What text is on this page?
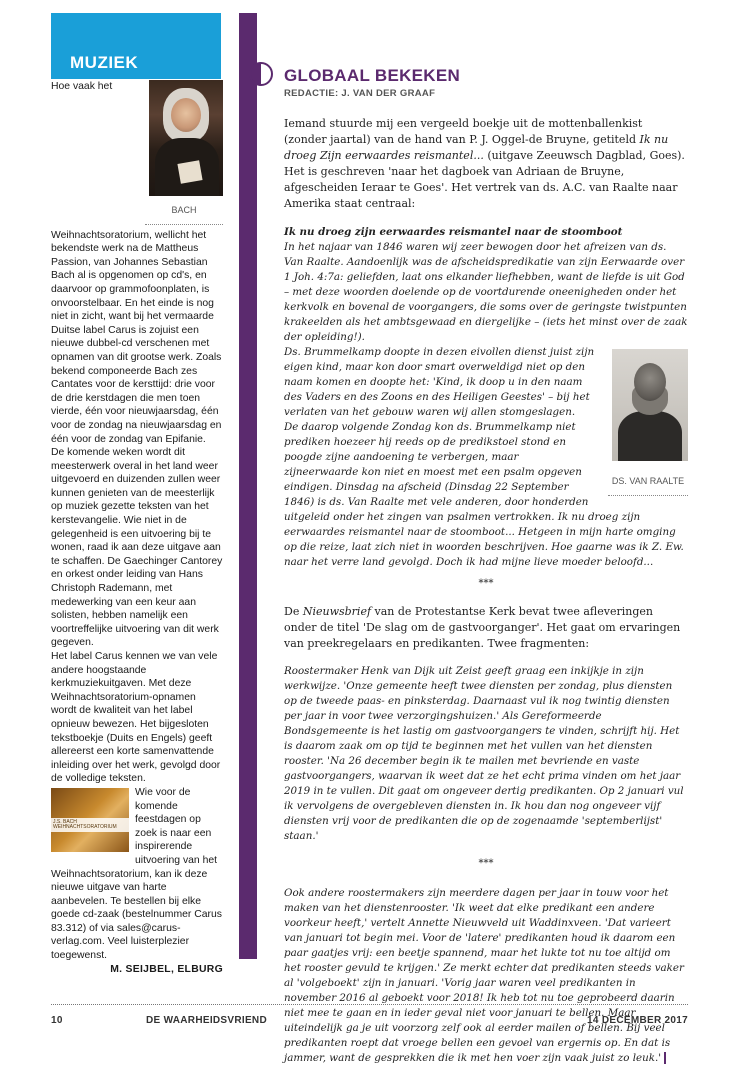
MUZIEK
BACH

Hoe vaak het Weihnachtsoratorium, wellicht het bekendste werk na de Mattheus Passion, van Johannes Sebastian Bach al is opgenomen op cd's, en daarvoor op grammofoonplaten, is onvoorstelbaar. En het einde is nog niet in zicht, want bij het vermaarde Duitse label Carus is zojuist een nieuwe dubbel-cd verschenen met opnamen van dit grootse werk. Zoals bekend componeerde Bach zes Cantates voor de kersttijd: drie voor de drie kerstdagen die men toen vierde, één voor nieuwjaarsdag, één voor de zondag na nieuwjaarsdag en één voor de zondag van Epifanie.

De komende weken wordt dit meesterwerk overal in het land weer uitgevoerd en duizenden zullen weer kunnen genieten van de meesterlijk op muziek gezette teksten van het kerstevangelie. Wie niet in de gelegenheid is een uitvoering bij te wonen, raad ik aan deze uitgave aan te schaffen. De Gaechinger Cantorey en orkest onder leiding van Hans Christoph Rademann, met medewerking van een keur aan solisten, hebben namelijk een voortreffelijke uitvoering van dit werk gegeven.

Het label Carus kennen we van vele andere hoogstaande kerkmuziekuitgaven. Met deze Weihnachtsoratorium-opnamen wordt de kwaliteit van het label opnieuw bewezen. Het bijgesloten tekstboekje (Duits en Engels) geeft allereerst een korte samenvattende inleiding over het werk, gevolgd door de volledige teksten.

J.S. BACH WEIHNACHTSORATORIUM

Wie voor de komende feestdagen op zoek is naar een inspirerende uitvoering van het Weihnachtsoratorium, kan ik deze nieuwe uitgave van harte aanbevelen. Te bestellen bij elke goede cd-zaak (bestelnummer Carus 83.312) of via sales@carus-verlag.com. Veel luisterplezier toegewenst.

M. SEIJBEL, ELBURG

GLOBAAL BEKEKEN
REDACTIE: J. VAN DER GRAAF

Iemand stuurde mij een vergeeld boekje uit de mottenballenkist (zonder jaartal) van de hand van P. J. Oggel-de Bruyne, getiteld Ik nu droeg Zijn eerwaardes reismantel... (uitgave Zeeuwsch Dagblad, Goes). Het is geschreven 'naar het dagboek van Adriaan de Bruyne, afgescheiden Ieraar te Goes'. Het vertrek van ds. A.C. van Raalte naar Amerika staat centraal:

Ik nu droeg zijn eerwaardes reismantel naar de stoomboot

In het najaar van 1846 waren wij zeer bewogen door het afreizen van ds. Van Raalte. Aandoenlijk was de afscheidspredikatie van zijn Eerwaarde over 1 Joh. 4:7a: geliefden, laat ons elkander liefhebben, want de liefde is uit God – met deze woorden doelende op de voortdurende oneenigheden onder het kerkvolk en bovenal de voorgangers, die soms over de geringste twistpunten krakeelden als het ambtsgewaad en diergelijke – (iets het minst over de zaak der opleiding!).

DS. VAN RAALTE

Ds. Brummelkamp doopte in dezen eivollen dienst juist zijn eigen kind, maar kon door smart overweldigd niet op den naam komen en doopte het: 'Kind, ik doop u in den naam des Vaders en des Zoons en des Heiligen Geestes' – bij het verlaten van het gebouw waren wij allen stomgeslagen.

De daarop volgende Zondag kon ds. Brummelkamp niet prediken hoezeer hij reeds op de predikstoel stond en poogde zijne aandoening te verbergen, maar zijneerwaarde kon niet en moest met een psalm opgeven eindigen. Dinsdag na afscheid (Dinsdag 22 September 1846) is ds. Van Raalte met vele anderen, door honderden uitgeleid onder het zingen van psalmen vertrokken. Ik nu droeg zijn eerwaardes reismantel naar de stoomboot... Hetgeen in mijn harte omging op die reize, laat zich niet in woorden beschrijven. Hoe gaarne was ik Z. Ew. naar het verre land gevolgd. Doch ik had mijne lieve moeder beloofd...

***

De Nieuwsbrief van de Protestantse Kerk bevat twee afleveringen onder de titel 'De slag om de gastvoorganger'. Het gaat om ervaringen van preekregelaars en predikanten. Twee fragmenten:

Roostermaker Henk van Dijk uit Zeist geeft graag een inkijkje in zijn werkwijze. 'Onze gemeente heeft twee diensten per zondag, plus diensten op de tweede paas- en pinksterdag. Daarnaast vul ik nog twintig diensten per jaar in voor twee verzorgingshuizen.' Als Gereformeerde Bondsgemeente is het lastig om gastvoorgangers te vinden, schrijft hij. Het is daarom zaak om op tijd te beginnen met het vullen van het diensten rooster. 'Na 26 december begin ik te mailen met bevriende en vaste gastvoorgangers, waarvan ik weet dat ze het echt prima vinden om het jaar 2019 in te vullen. Dit gaat om ongeveer dertig predikanten. Op 2 januari vul ik vervolgens de overgebleven diensten in. Ik hou dan nog ongeveer vijf diensten vrij voor de predikanten die op de zogenaamde 'septemberlijst' staan.'

***

Ook andere roostermakers zijn meerdere dagen per jaar in touw voor het maken van het dienstenrooster. 'Ik weet dat elke predikant een andere voorkeur heeft,' vertelt Annette Nieuwveld uit Waddinxveen. 'Dat varieert van januari tot begin mei. Voor de 'latere' predikanten houd ik daarom een paar gaatjes vrij: een beetje spannend, maar het lukte tot nu toe altijd om het rooster gevuld te krijgen.' Ze merkt echter dat predikanten steeds vaker al 'volgeboekt' zijn in januari. 'Vorig jaar waren veel predikanten in november 2016 al geboekt voor 2018! Ik heb tot nu toe geprobeerd daarin niet mee te gaan en in ieder geval niet voor januari te bellen. Maar uiteindelijk ga je uit voorzorg zelf ook al eerder mailen of bellen. Bij veel predikanten roept dat vroege bellen een gevoel van ergernis op. En dat is jammer, want de gesprekken die ik met hen voer zijn vaak juist zo leuk.'

10	DE WAARHEIDSVRIEND	14 DECEMBER 2017
